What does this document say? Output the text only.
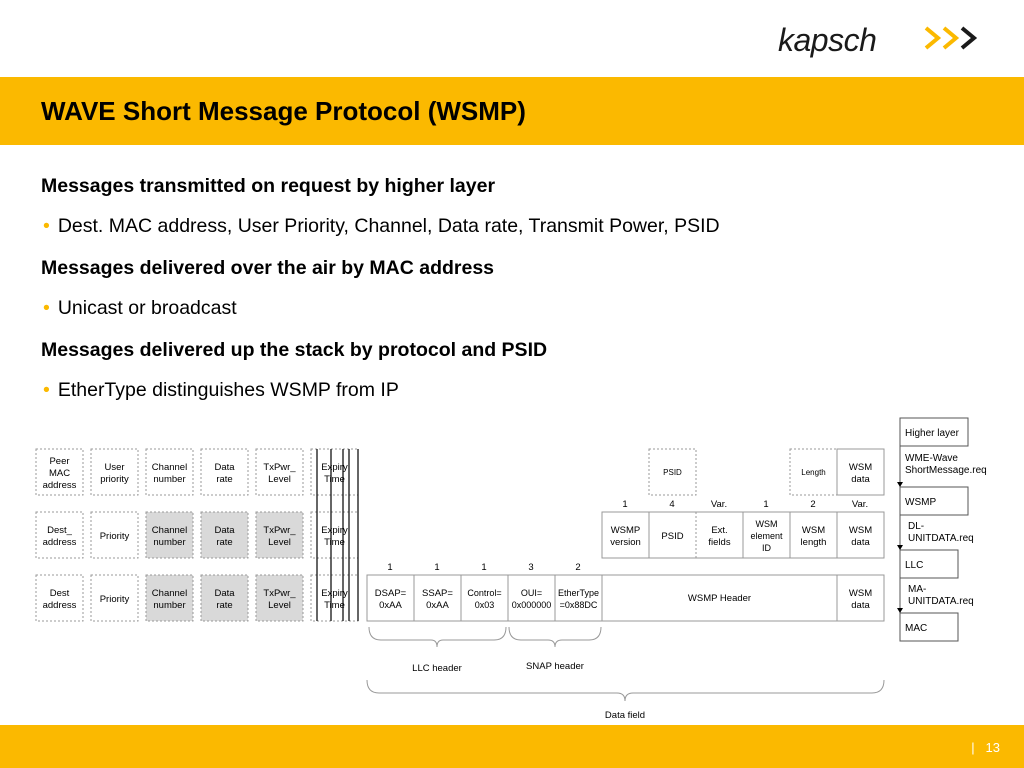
kapsch
WAVE Short Message Protocol (WSMP)
Messages transmitted on request by higher layer
• Dest. MAC address, User Priority, Channel, Data rate, Transmit Power, PSID
Messages delivered over the air by MAC address
• Unicast or broadcast
Messages delivered up the stack by protocol and PSID
• EtherType distinguishes WSMP from IP
Peer MAC address
User priority
Channel number
Data rate
TxPwr_ Level
Expiry Time
PSID	Length WSM data
1	4	Var.	1	2	Var.
Dest_ address
Priority
Channel number
Data rate
TxPwr_ Level
Expiry Time
WSMP version
PSID
Ext. fields
WSM element ID
WSM length
WSM data
1	1	1	3	2
Dest address
Priority
Channel number
Data rate
TxPwr_ Level
Expiry Time
DSAP= 0xAA
SSAP= 0xAA
Control= 0x03
OUI= 0x000000
EtherType =0x88DC
WSMP Header	WSM data
LLC header	SNAP header
Data field
Higher layer
WSMP
LLC
MAC
WME-Wave ShortMessage.req
DL-UNITDATA.req
MA-UNITDATA.req
| 13
